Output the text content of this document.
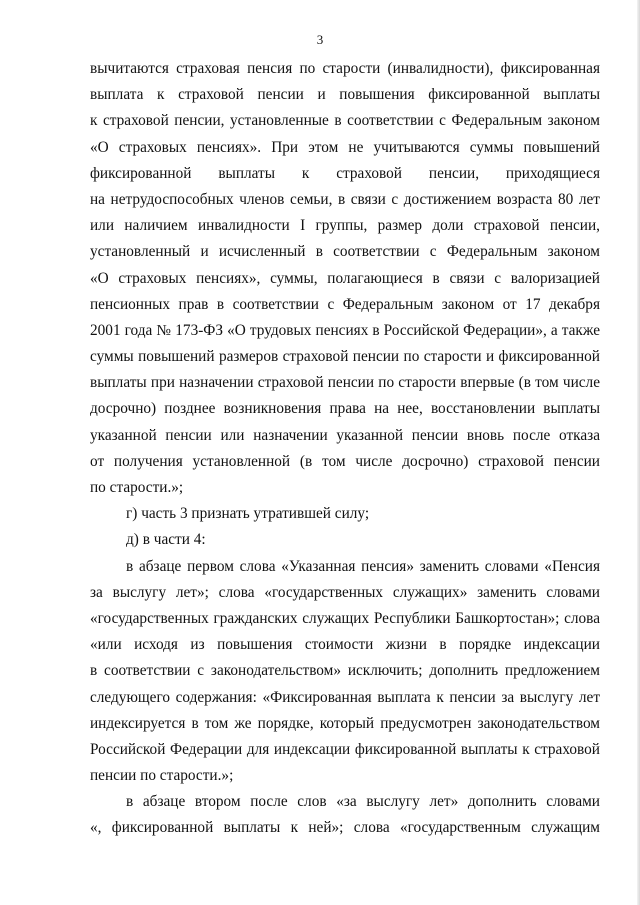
3
вычитаются страховая пенсия по старости (инвалидности), фиксированная
выплата к страховой пенсии и повышения фиксированной выплаты
к страховой пенсии, установленные в соответствии с Федеральным законом
«О страховых пенсиях». При этом не учитываются суммы повышений
фиксированной выплаты к страховой пенсии, приходящиеся
на нетрудоспособных членов семьи, в связи с достижением возраста 80 лет
или наличием инвалидности I группы, размер доли страховой пенсии,
установленный и исчисленный в соответствии с Федеральным законом
«О страховых пенсиях», суммы, полагающиеся в связи с валоризацией
пенсионных прав в соответствии с Федеральным законом от 17 декабря
2001 года № 173-ФЗ «О трудовых пенсиях в Российской Федерации», а также
суммы повышений размеров страховой пенсии по старости и фиксированной
выплаты при назначении страховой пенсии по старости впервые (в том числе
досрочно) позднее возникновения права на нее, восстановлении выплаты
указанной пенсии или назначении указанной пенсии вновь после отказа
от получения установленной (в том числе досрочно) страховой пенсии
по старости.»;
г) часть 3 признать утратившей силу;
д) в части 4:
в абзаце первом слова «Указанная пенсия» заменить словами «Пенсия
за выслугу лет»; слова «государственных служащих» заменить словами
«государственных гражданских служащих Республики Башкортостан»; слова
«или исходя из повышения стоимости жизни в порядке индексации
в соответствии с законодательством» исключить; дополнить предложением
следующего содержания: «Фиксированная выплата к пенсии за выслугу лет
индексируется в том же порядке, который предусмотрен законодательством
Российской Федерации для индексации фиксированной выплаты к страховой
пенсии по старости.»;
в абзаце втором после слов «за выслугу лет» дополнить словами
«, фиксированной выплаты к ней»; слова «государственным служащим
